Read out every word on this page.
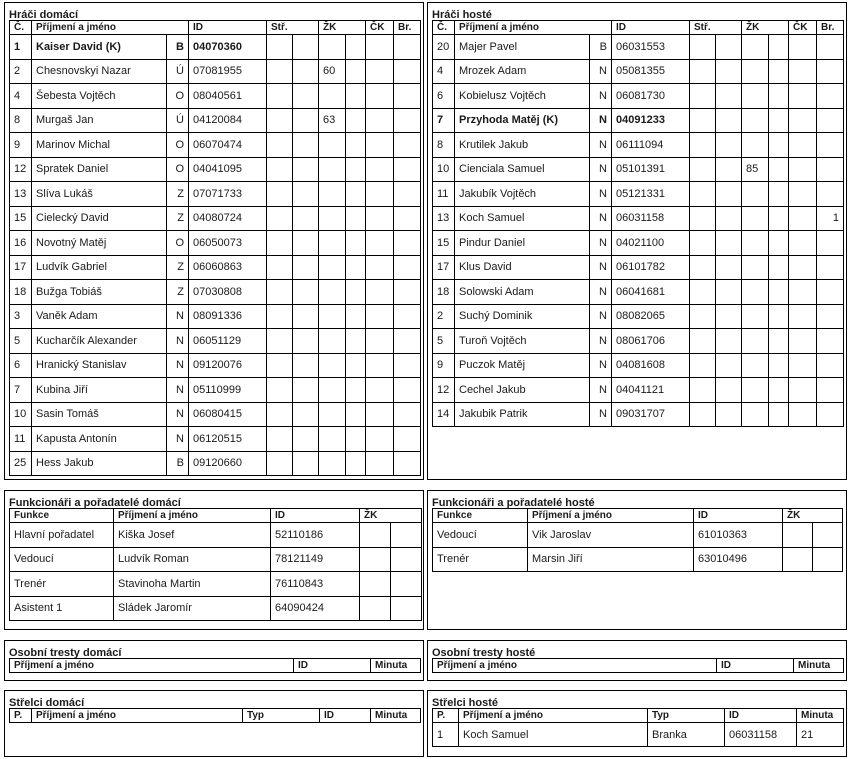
Hráči domácí
Č.	Příjmení a jméno		ID	Stř.		ŽK		ČK	Br.
1	Kaiser David (K)	B	04070360						
2	Chesnovskyi Nazar	Ú	07081955			60			
4	Šebesta Vojtěch	O	08040561						
8	Murgaš Jan	Ú	04120084			63			
9	Marinov Michal	O	06070474						
12	Spratek Daniel	O	04041095						
13	Slíva Lukáš	Z	07071733						
15	Cielecký David	Z	04080724						
16	Novotný Matěj	O	06050073						
17	Ludvík Gabriel	Z	06060863						
18	Bužga Tobiáš	Z	07030808						
3	Vaněk Adam	N	08091336						
5	Kucharčík Alexander	N	06051129						
6	Hranický Stanislav	N	09120076						
7	Kubina Jiří	N	05110999						
10	Sasin Tomáš	N	06080415						
11	Kapusta Antonín	N	06120515						
25	Hess Jakub	B	09120660						
Hráči hosté
Č.	Příjmení a jméno		ID	Stř.		ŽK		ČK	Br.
20	Majer Pavel	B	06031553						
4	Mrozek Adam	N	05081355						
6	Kobielusz Vojtěch	N	06081730						
7	Przyhoda Matěj (K)	N	04091233						
8	Krutilek Jakub	N	06111094						
10	Cienciala Samuel	N	05101391			85			
11	Jakubík Vojtěch	N	05121331						
13	Koch Samuel	N	06031158						1
15	Pindur Daniel	N	04021100						
17	Klus David	N	06101782						
18	Solowski Adam	N	06041681						
2	Suchý Dominik	N	08082065						
5	Turoň Vojtěch	N	08061706						
9	Puczok Matěj	N	04081608						
12	Cechel Jakub	N	04041121						
14	Jakubik Patrik	N	09031707						
Funkcionáři a pořadatelé domácí
Funkce	Příjmení a jméno	ID	ŽK	
Hlavní pořadatel	Kiška Josef	52110186		
Vedoucí	Ludvík Roman	78121149		
Trenér	Stavinoha Martin	76110843		
Asistent 1	Sládek Jaromír	64090424		
Funkcionáři a pořadatelé hosté
Funkce	Příjmení a jméno	ID	ŽK	
Vedoucí	Vik Jaroslav	61010363		
Trenér	Marsin Jiří	63010496		
Osobní tresty domácí
Příjmení a jméno	ID	Minuta
Osobní tresty hosté
Příjmení a jméno	ID	Minuta
Střelci domácí
P.	Příjmení a jméno	Typ	ID	Minuta

Střelci hosté
P.	Příjmení a jméno	Typ	ID	Minuta
1	Koch Samuel	Branka	06031158	21
